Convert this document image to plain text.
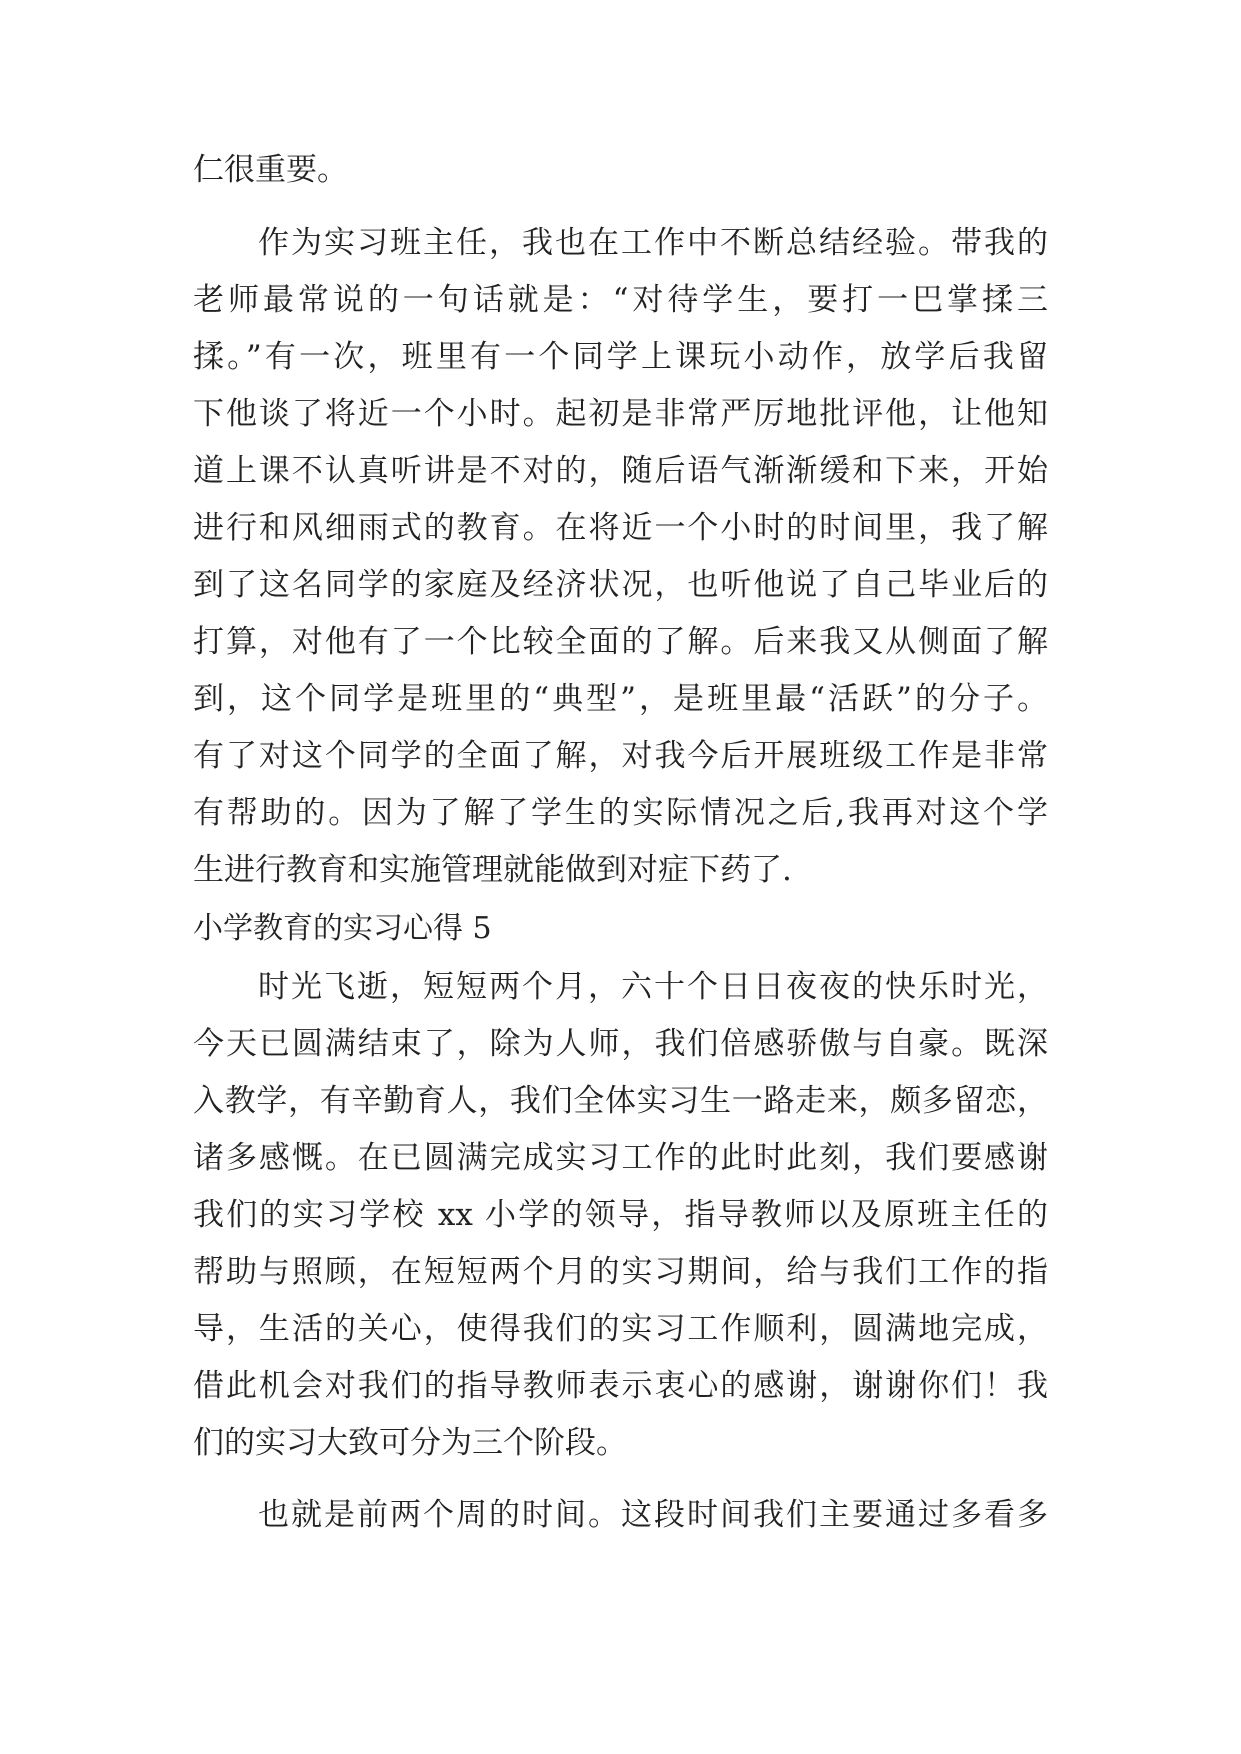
仁很重要。
作为实习班主任，我也在工作中不断总结经验。带我的
老师最常说的一句话就是：“对待学生，要打一巴掌揉三
揉。”有一次，班里有一个同学上课玩小动作，放学后我留
下他谈了将近一个小时。起初是非常严厉地批评他，让他知
道上课不认真听讲是不对的，随后语气渐渐缓和下来，开始
进行和风细雨式的教育。在将近一个小时的时间里，我了解
到了这名同学的家庭及经济状况，也听他说了自己毕业后的
打算，对他有了一个比较全面的了解。后来我又从侧面了解
到，这个同学是班里的“典型”，是班里最“活跃”的分子。
有了对这个同学的全面了解，对我今后开展班级工作是非常
有帮助的。因为了解了学生的实际情况之后,我再对这个学
生进行教育和实施管理就能做到对症下药了.
小学教育的实习心得 5
时光飞逝，短短两个月，六十个日日夜夜的快乐时光，
今天已圆满结束了，除为人师，我们倍感骄傲与自豪。既深
入教学，有辛勤育人，我们全体实习生一路走来，颇多留恋，
诸多感慨。在已圆满完成实习工作的此时此刻，我们要感谢
我们的实习学校 xx 小学的领导，指导教师以及原班主任的
帮助与照顾，在短短两个月的实习期间，给与我们工作的指
导，生活的关心，使得我们的实习工作顺利，圆满地完成，
借此机会对我们的指导教师表示衷心的感谢，谢谢你们！我
们的实习大致可分为三个阶段。
也就是前两个周的时间。这段时间我们主要通过多看多
